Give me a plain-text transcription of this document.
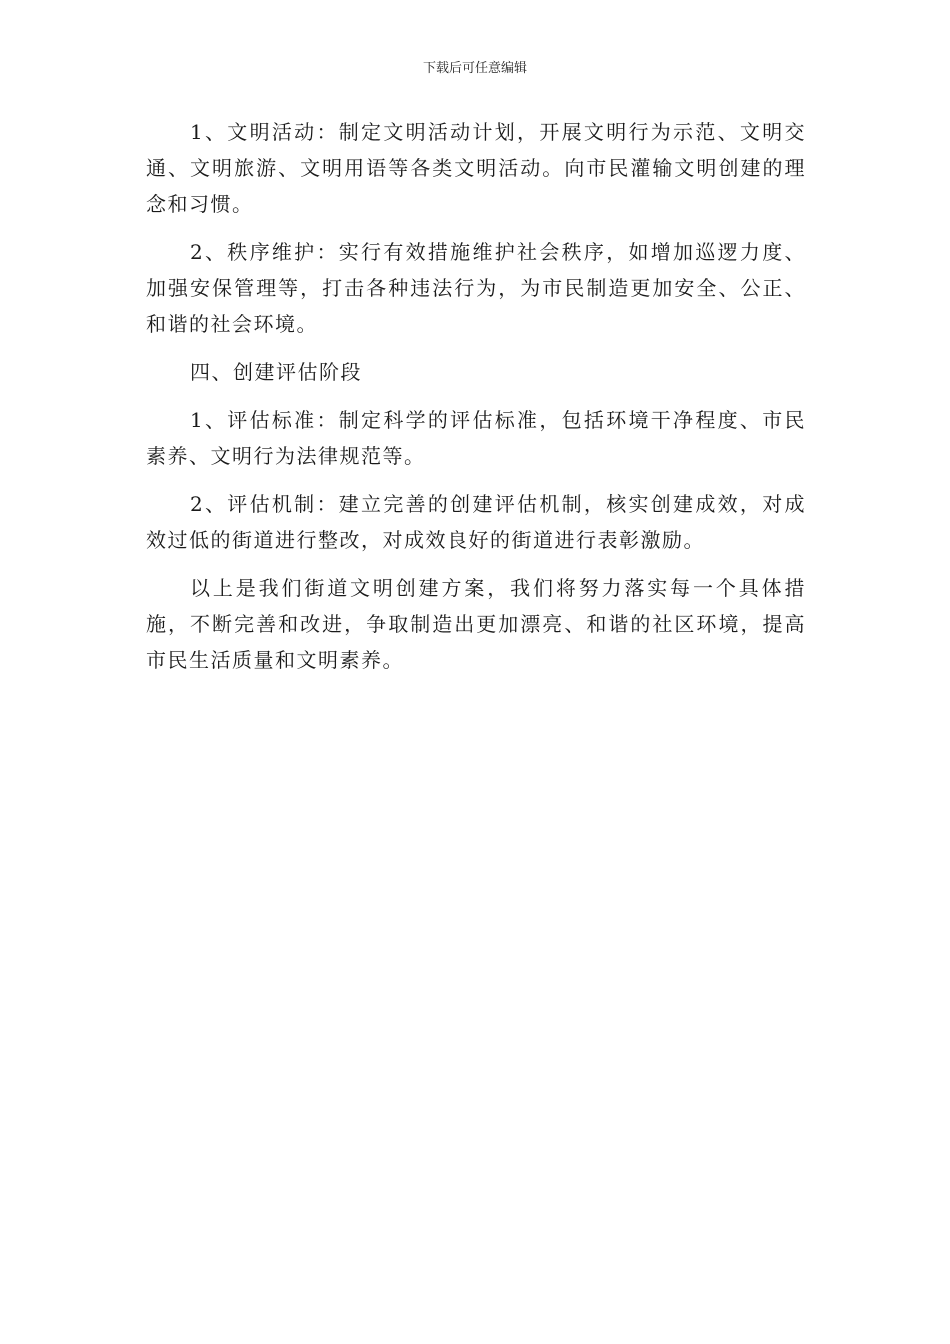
下载后可任意编辑

1、文明活动：制定文明活动计划，开展文明行为示范、文明交通、文明旅游、文明用语等各类文明活动。向市民灌输文明创建的理念和习惯。

2、秩序维护：实行有效措施维护社会秩序，如增加巡逻力度、加强安保管理等，打击各种违法行为，为市民制造更加安全、公正、和谐的社会环境。

四、创建评估阶段

1、评估标准：制定科学的评估标准，包括环境干净程度、市民素养、文明行为法律规范等。

2、评估机制：建立完善的创建评估机制，核实创建成效，对成效过低的街道进行整改，对成效良好的街道进行表彰激励。

以上是我们街道文明创建方案，我们将努力落实每一个具体措施，不断完善和改进，争取制造出更加漂亮、和谐的社区环境，提高市民生活质量和文明素养。
